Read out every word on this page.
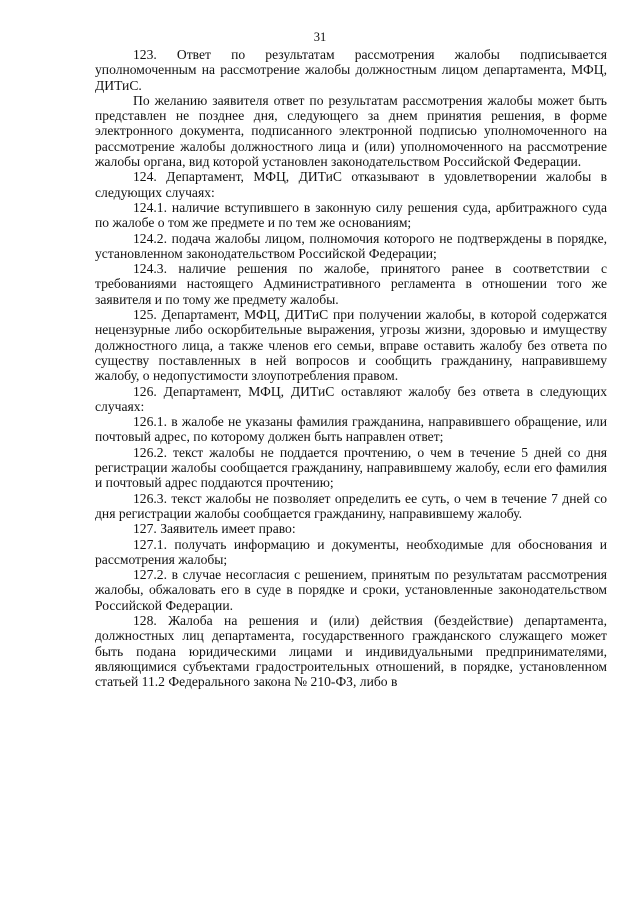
31

123. Ответ по результатам рассмотрения жалобы подписывается уполномоченным на рассмотрение жалобы должностным лицом департамента, МФЦ, ДИТиС.

По желанию заявителя ответ по результатам рассмотрения жалобы может быть представлен не позднее дня, следующего за днем принятия решения, в форме электронного документа, подписанного электронной подписью уполномоченного на рассмотрение жалобы должностного лица и (или) уполномоченного на рассмотрение жалобы органа, вид которой установлен законодательством Российской Федерации.

124. Департамент, МФЦ, ДИТиС отказывают в удовлетворении жалобы в следующих случаях:

124.1. наличие вступившего в законную силу решения суда, арбитражного суда по жалобе о том же предмете и по тем же основаниям;

124.2. подача жалобы лицом, полномочия которого не подтверждены в порядке, установленном законодательством Российской Федерации;

124.3. наличие решения по жалобе, принятого ранее в соответствии с требованиями настоящего Административного регламента в отношении того же заявителя и по тому же предмету жалобы.

125. Департамент, МФЦ, ДИТиС при получении жалобы, в которой содержатся нецензурные либо оскорбительные выражения, угрозы жизни, здоровью и имуществу должностного лица, а также членов его семьи, вправе оставить жалобу без ответа по существу поставленных в ней вопросов и сообщить гражданину, направившему жалобу, о недопустимости злоупотребления правом.

126. Департамент, МФЦ, ДИТиС оставляют жалобу без ответа в следующих случаях:

126.1. в жалобе не указаны фамилия гражданина, направившего обращение, или почтовый адрес, по которому должен быть направлен ответ;

126.2. текст жалобы не поддается прочтению, о чем в течение 5 дней со дня регистрации жалобы сообщается гражданину, направившему жалобу, если его фамилия и почтовый адрес поддаются прочтению;

126.3. текст жалобы не позволяет определить ее суть, о чем в течение 7 дней со дня регистрации жалобы сообщается гражданину, направившему жалобу.

127. Заявитель имеет право:

127.1. получать информацию и документы, необходимые для обоснования и рассмотрения жалобы;

127.2. в случае несогласия с решением, принятым по результатам рассмотрения жалобы, обжаловать его в суде в порядке и сроки, установленные законодательством Российской Федерации.

128. Жалоба на решения и (или) действия (бездействие) департамента, должностных лиц департамента, государственного гражданского служащего может быть подана юридическими лицами и индивидуальными предпринимателями, являющимися субъектами градостроительных отношений, в порядке, установленном статьей 11.2 Федерального закона № 210-ФЗ, либо в
